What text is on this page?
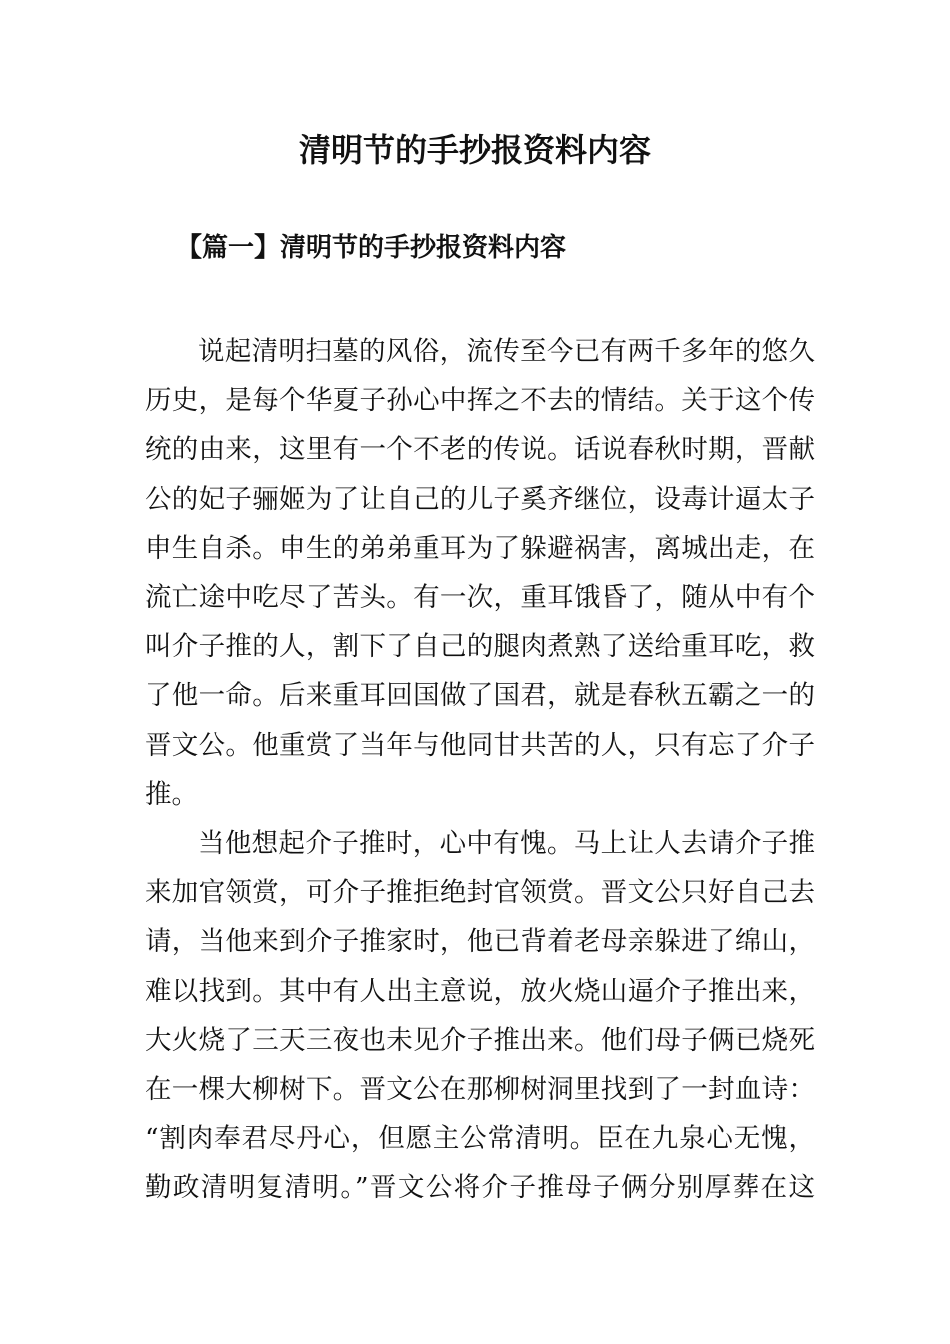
清明节的手抄报资料内容
【篇一】清明节的手抄报资料内容

说起清明扫墓的风俗，流传至今已有两千多年的悠久
历史，是每个华夏子孙心中挥之不去的情结。关于这个传
统的由来，这里有一个不老的传说。话说春秋时期，晋献
公的妃子骊姬为了让自己的儿子奚齐继位，设毒计逼太子
申生自杀。申生的弟弟重耳为了躲避祸害，离城出走，在
流亡途中吃尽了苦头。有一次，重耳饿昏了，随从中有个
叫介子推的人，割下了自己的腿肉煮熟了送给重耳吃，救
了他一命。后来重耳回国做了国君，就是春秋五霸之一的
晋文公。他重赏了当年与他同甘共苦的人，只有忘了介子
推。

当他想起介子推时，心中有愧。马上让人去请介子推
来加官领赏，可介子推拒绝封官领赏。晋文公只好自己去
请，当他来到介子推家时，他已背着老母亲躲进了绵山，
难以找到。其中有人出主意说，放火烧山逼介子推出来，
大火烧了三天三夜也未见介子推出来。他们母子俩已烧死
在一棵大柳树下。晋文公在那柳树洞里找到了一封血诗：
“割肉奉君尽丹心，但愿主公常清明。臣在九泉心无愧，
勤政清明复清明。”晋文公将介子推母子俩分别厚葬在这
